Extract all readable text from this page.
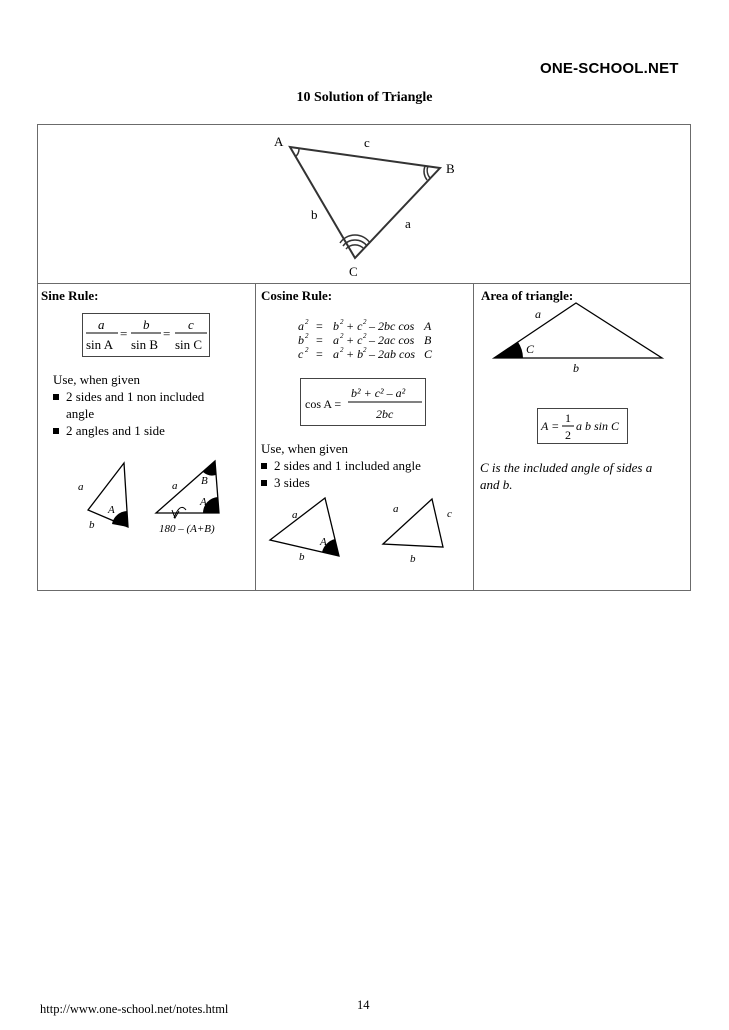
ONE-SCHOOL.NET
10 Solution of Triangle
A
B
C
c
a
b
Sine Rule:
a
sin A
=
b
sin B
=
c
sin C
Use, when given
2 sides and 1 non included
angle
2 angles and 1 side
a
A
b
a B
A
180 – (A+B)
Cosine Rule:
a 2 = b 2 + c 2 – 2bc cos A
b 2 = a 2 + c 2 – 2ac cos B
c 2 = a 2 + b 2 – 2ab cos C
cos A =
b² + c² – a²
2bc
Use, when given
2 sides and 1 included angle
3 sides
a
A
b
a	c
b
Area of triangle:
a
C
b
A =
1
2
a b sin C
C is the included angle of sides a
and b.
http://www.one-school.net/notes.html	14
